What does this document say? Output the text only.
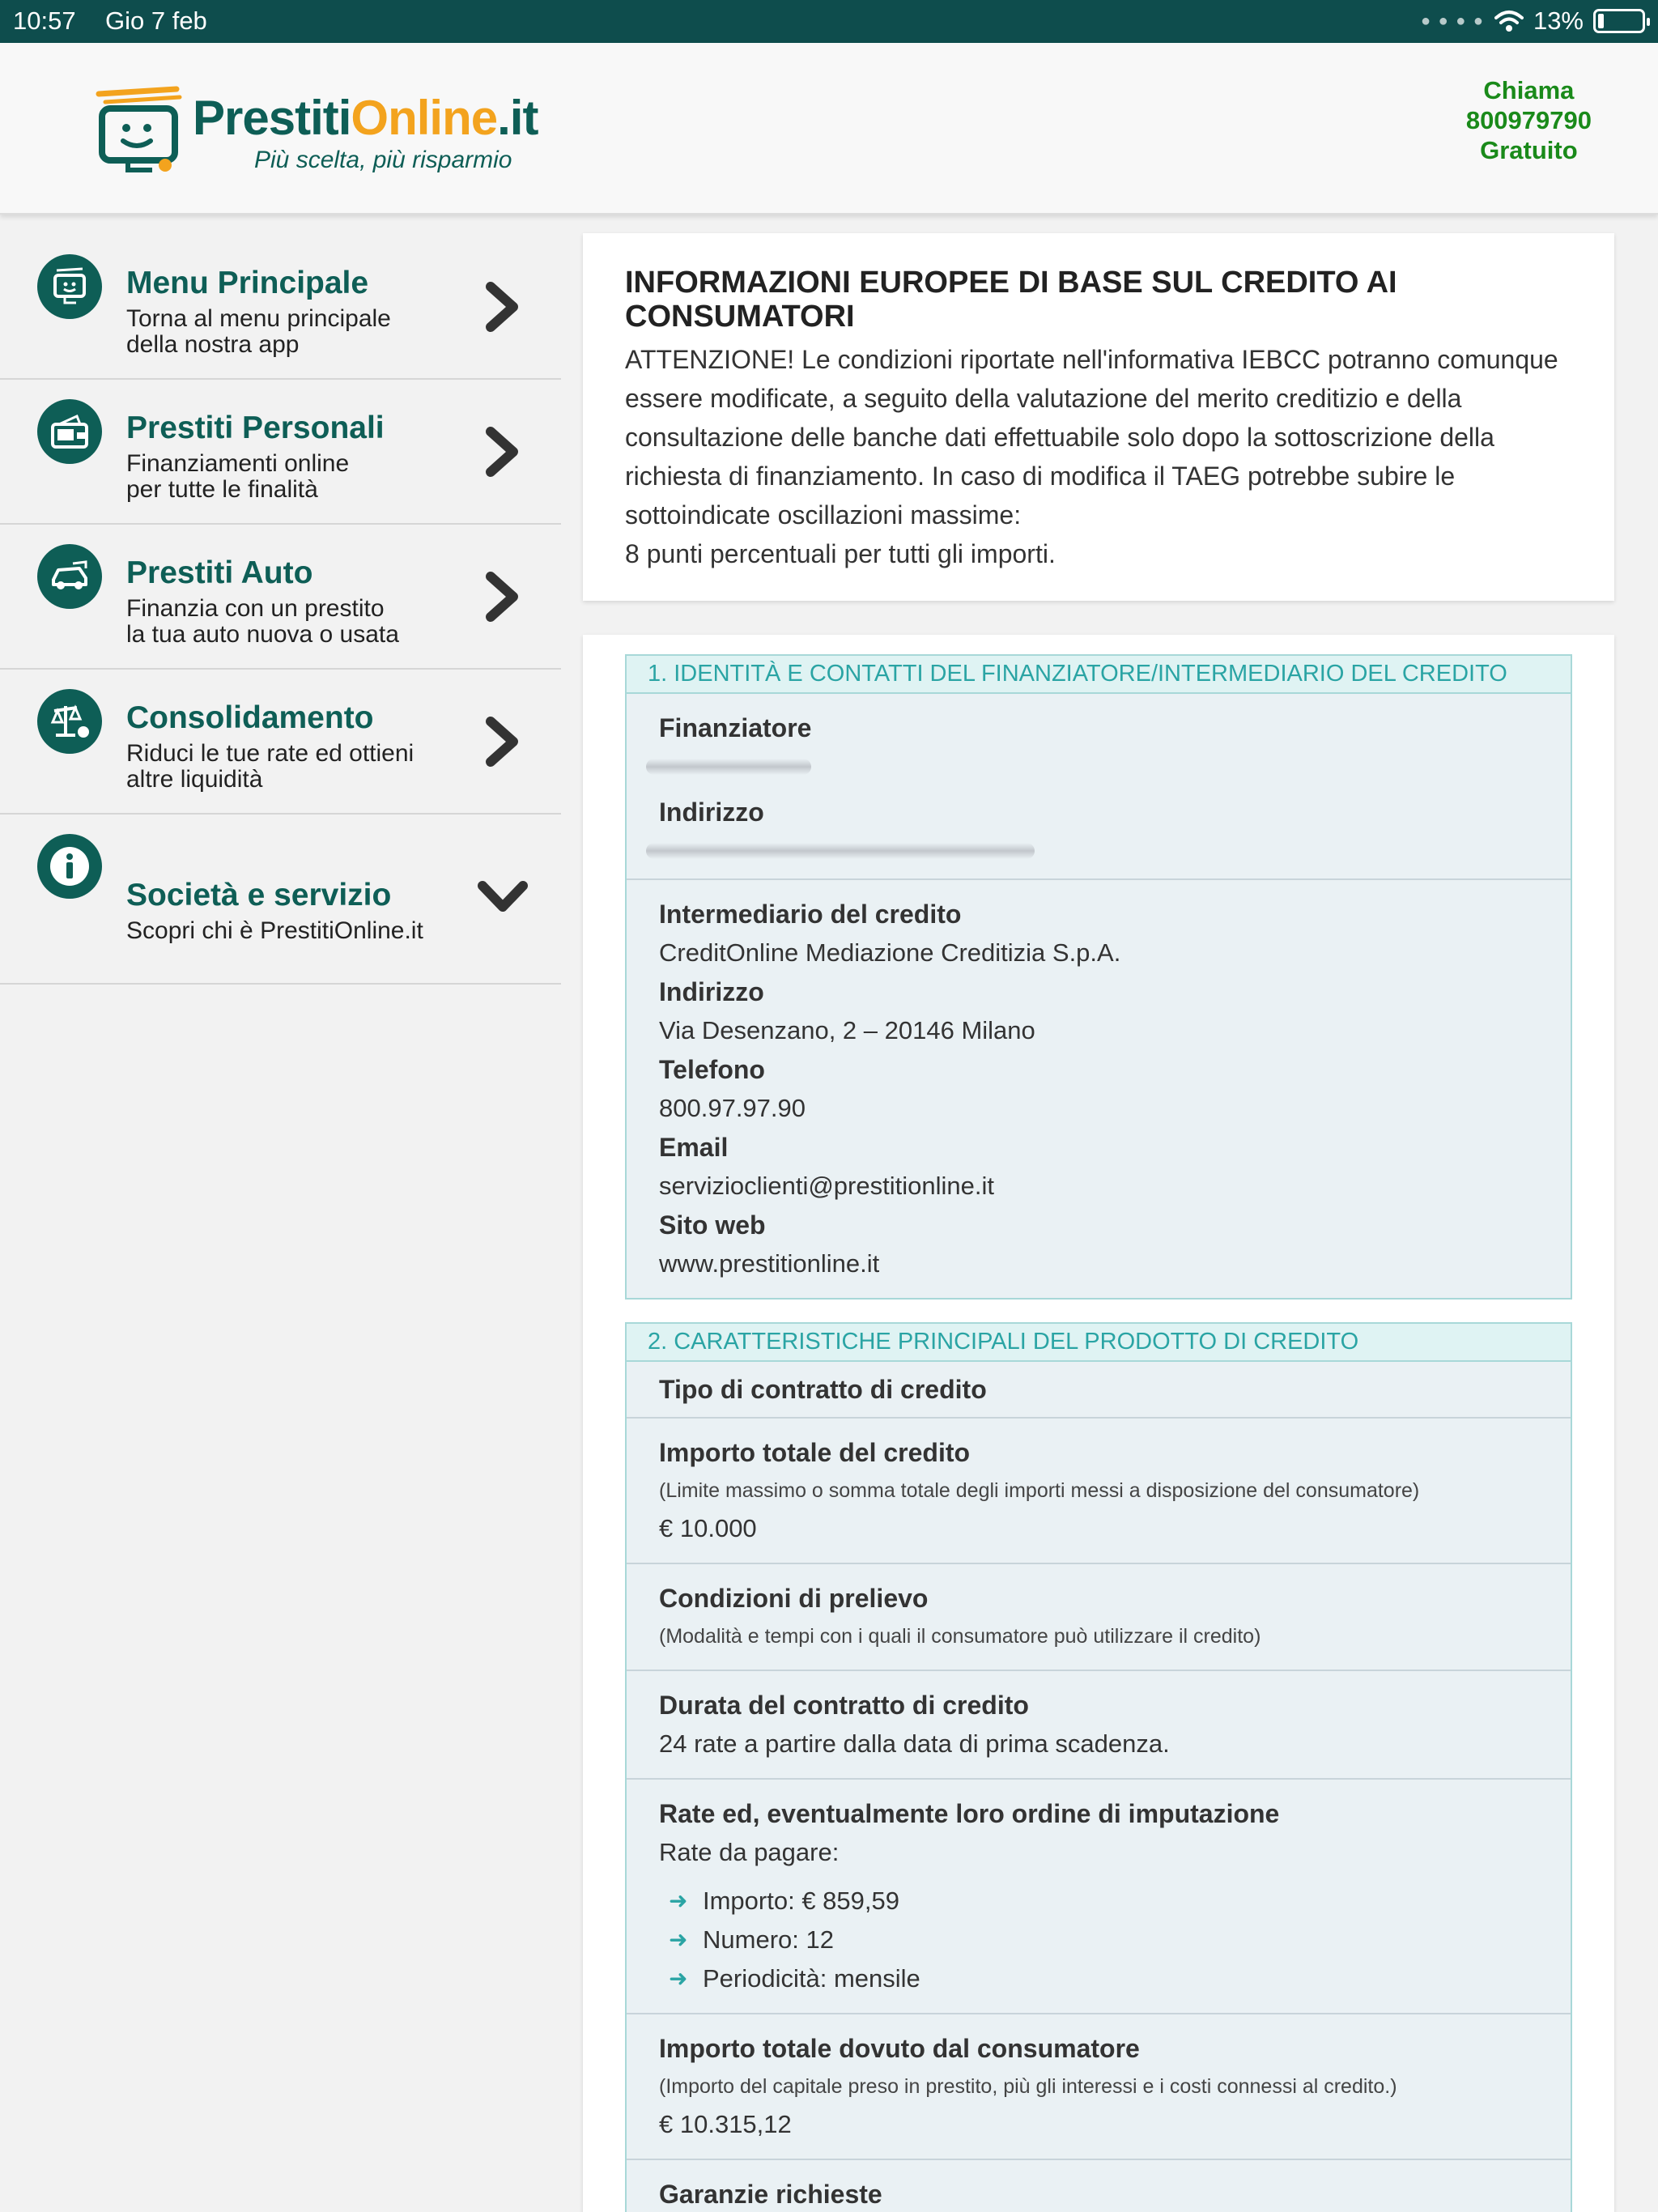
10:57 Gio 7 feb	● ● ● ● 13%
PrestitiOnline.it
Più scelta, più risparmio
Chiama
800979790
Gratuito
Menu Principale
Torna al menu principale
della nostra app
Prestiti Personali
Finanziamenti online
per tutte le finalità
Prestiti Auto
Finanzia con un prestito
la tua auto nuova o usata
Consolidamento
Riduci le tue rate ed ottieni
altre liquidità
Società e servizio
Scopri chi è PrestitiOnline.it
INFORMAZIONI EUROPEE DI BASE SUL CREDITO AI CONSUMATORI

ATTENZIONE! Le condizioni riportate nell'informativa IEBCC potranno comunque essere modificate, a seguito della valutazione del merito creditizio e della consultazione delle banche dati effettuabile solo dopo la sottoscrizione della richiesta di finanziamento. In caso di modifica il TAEG potrebbe subire le sottoindicate oscillazioni massime:
8 punti percentuali per tutti gli importi.

1. IDENTITÀ E CONTATTI DEL FINANZIATORE/INTERMEDIARIO DEL CREDITO
Finanziatore
Indirizzo
Intermediario del credito
CreditOnline Mediazione Creditizia S.p.A.
Indirizzo
Via Desenzano, 2 – 20146 Milano
Telefono
800.97.97.90
Email
servizioclienti@prestitionline.it
Sito web
www.prestitionline.it
2. CARATTERISTICHE PRINCIPALI DEL PRODOTTO DI CREDITO
Tipo di contratto di credito
Importo totale del credito
(Limite massimo o somma totale degli importi messi a disposizione del consumatore)
€ 10.000
Condizioni di prelievo
(Modalità e tempi con i quali il consumatore può utilizzare il credito)
Durata del contratto di credito
24 rate a partire dalla data di prima scadenza.
Rate ed, eventualmente loro ordine di imputazione
Rate da pagare:
➜ Importo: € 859,59
➜ Numero: 12
➜ Periodicità: mensile
Importo totale dovuto dal consumatore
(Importo del capitale preso in prestito, più gli interessi e i costi connessi al credito.)
€ 10.315,12
Garanzie richieste
